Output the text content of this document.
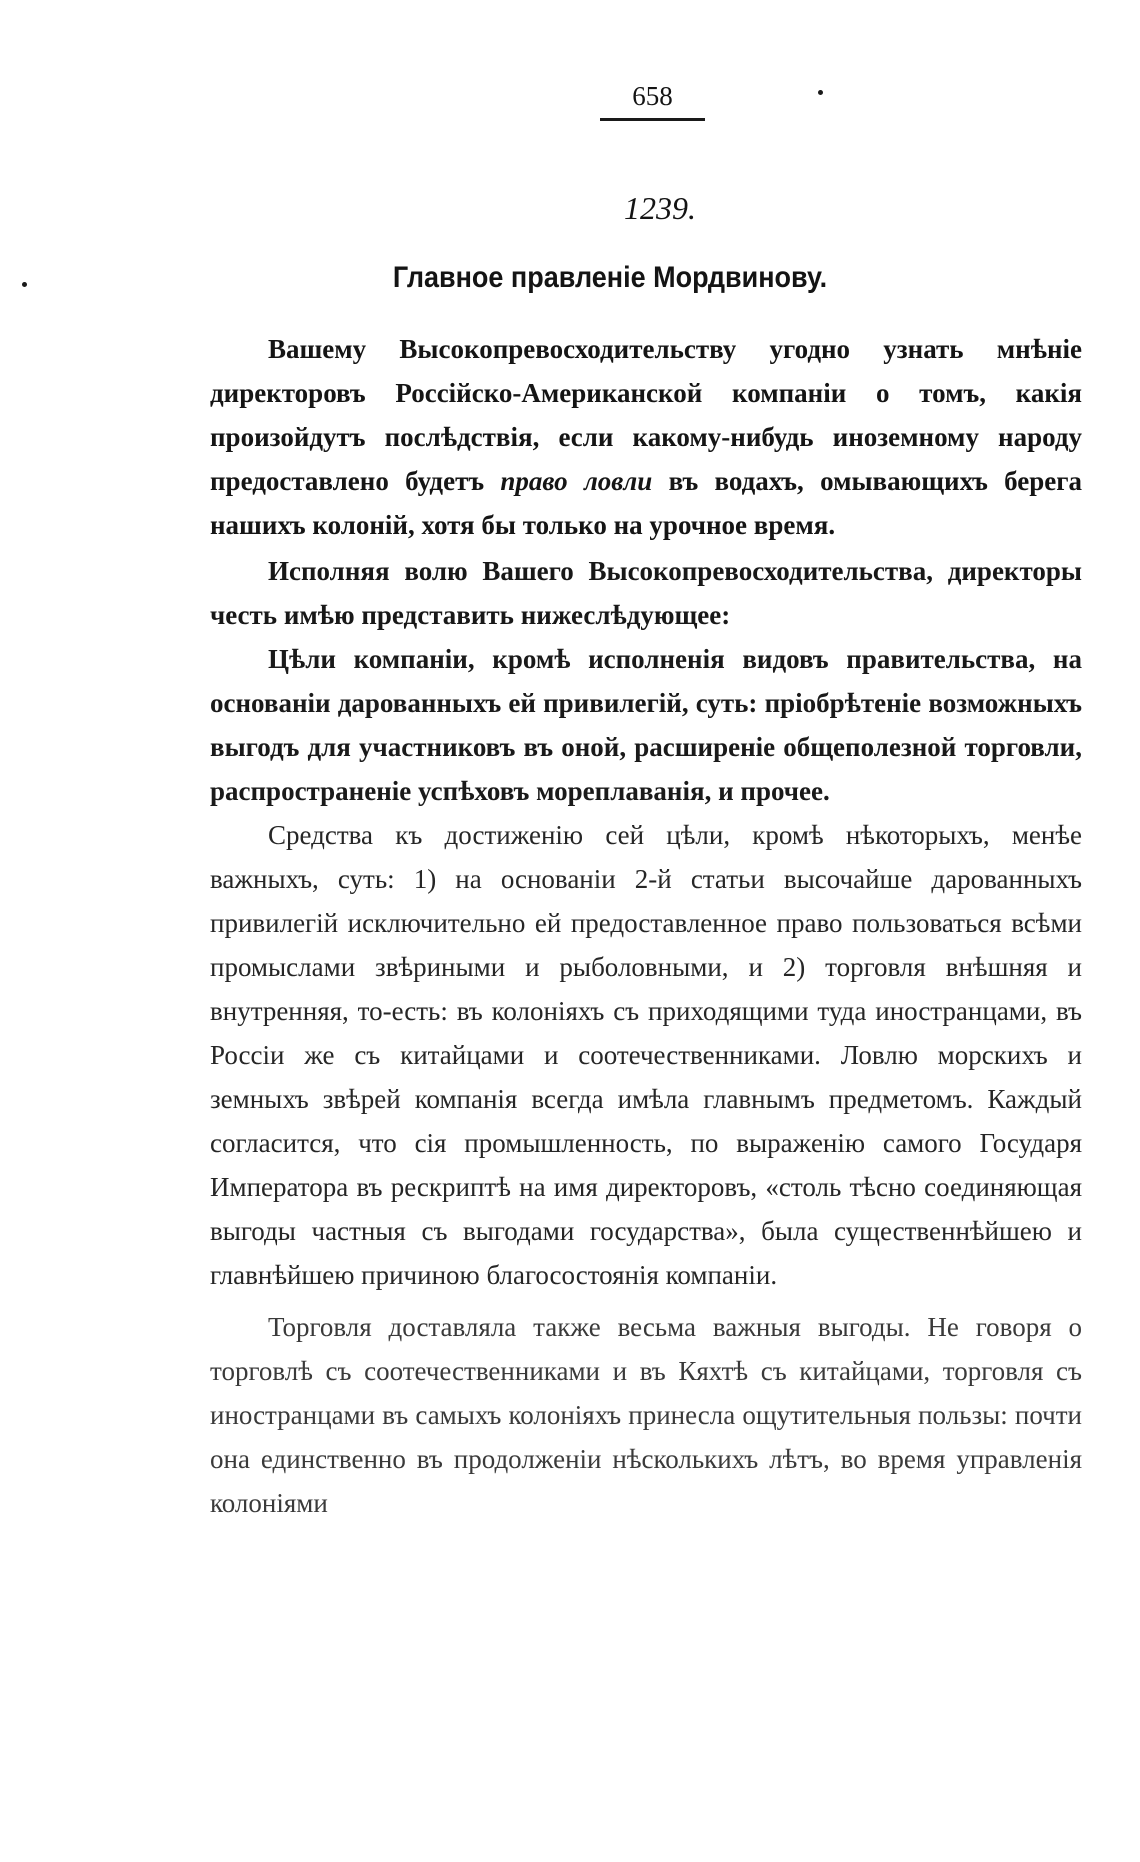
658
1239.
Главное правленіе Мордвинову.

Вашему Высокопревосходительству угодно узнать мнѣніе директоровъ Россійско-Американской компаніи о томъ, какія произойдутъ послѣдствія, если какому-нибудь иноземному народу предоставлено будетъ право ловли въ водахъ, омывающихъ берега нашихъ колоній, хотя бы только на урочное время.

Исполняя волю Вашего Высокопревосходительства, директоры честь имѣю представить нижеслѣдующее:

Цѣли компаніи, кромѣ исполненія видовъ правительства, на основаніи дарованныхъ ей привилегій, суть: пріобрѣтеніе возможныхъ выгодъ для участниковъ въ оной, расширеніе общеполезной торговли, распространеніе успѣховъ мореплаванія, и прочее.

Средства къ достиженію сей цѣли, кромѣ нѣкоторыхъ, менѣе важныхъ, суть: 1) на основаніи 2-й статьи высочайше дарованныхъ привилегій исключительно ей предоставленное право пользоваться всѣми промыслами звѣриными и рыболовными, и 2) торговля внѣшняя и внутренняя, то-есть: въ колоніяхъ съ приходящими туда иностранцами, въ Россіи же съ китайцами и соотечественниками. Ловлю морскихъ и земныхъ звѣрей компанія всегда имѣла главнымъ предметомъ. Каждый согласится, что сія промышленность, по выраженію самого Государя Императора въ рескриптѣ на имя директоровъ, «столь тѣсно соединяющая выгоды частныя съ выгодами государства», была существеннѣйшею и главнѣйшею причиною благосостоянія компаніи.

Торговля доставляла также весьма важныя выгоды. Не говоря о торговлѣ съ соотечественниками и въ Кяхтѣ съ китайцами, торговля съ иностранцами въ самыхъ колоніяхъ принесла ощутительныя пользы: почти она единственно въ продолженіи нѣсколькихъ лѣтъ, во время управленія колоніями
